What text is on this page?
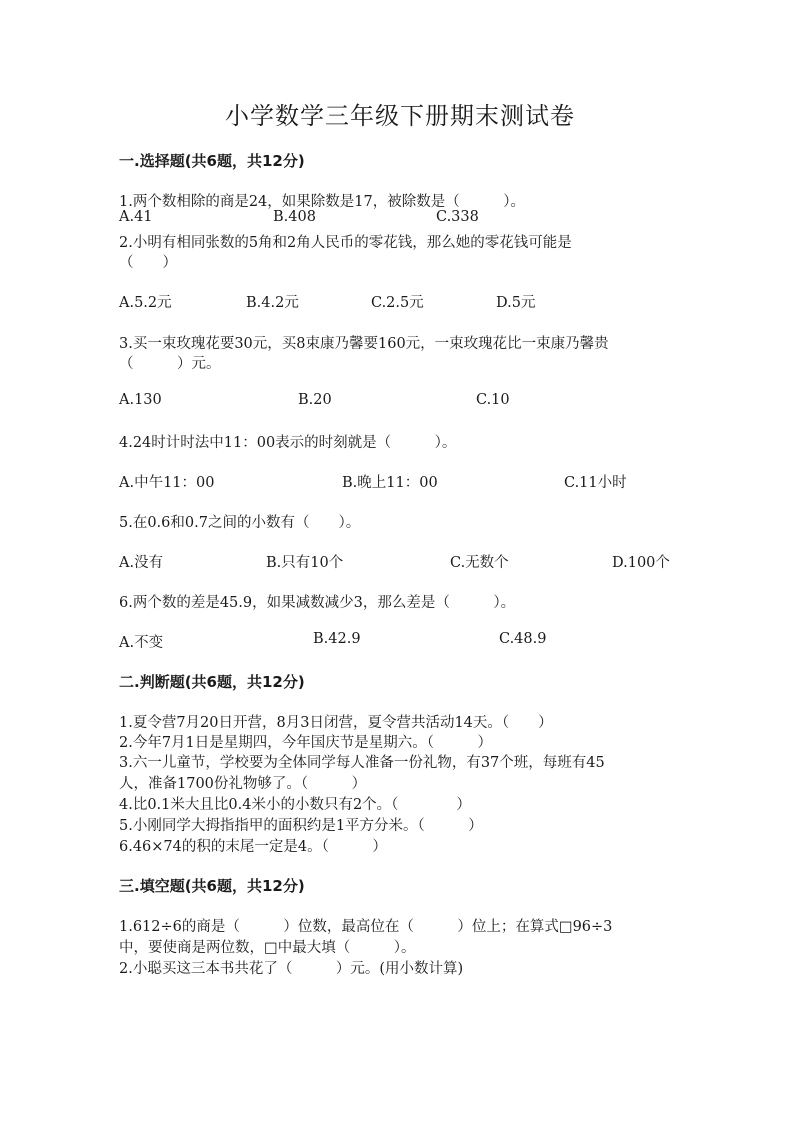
小学数学三年级下册期末测试卷
一.选择题(共6题，共12分)
1.两个数相除的商是24，如果除数是17，被除数是（　　　）。
A.41	B.408	C.338
2.小明有相同张数的5角和2角人民币的零花钱，那么她的零花钱可能是
（　　）
A.5.2元	B.4.2元	C.2.5元	D.5元
3.买一束玫瑰花要30元，买8束康乃馨要160元，一束玫瑰花比一束康乃馨贵
（　　　）元。
A.130	B.20	C.10
4.24时计时法中11：00表示的时刻就是（　　　）。
A.中午11：00	B.晚上11：00	C.11小时
5.在0.6和0.7之间的小数有（　　）。
A.没有	B.只有10个	C.无数个	D.100个
6.两个数的差是45.9，如果减数减少3，那么差是（　　　）。
A.不变	B.42.9	C.48.9
二.判断题(共6题，共12分)
1.夏令营7月20日开营，8月3日闭营，夏令营共活动14天。（　　）
2.今年7月1日是星期四，今年国庆节是星期六。（　　　）
3.六一儿童节，学校要为全体同学每人准备一份礼物，有37个班，每班有45
人，准备1700份礼物够了。（　　　）
4.比0.1米大且比0.4米小的小数只有2个。（　　　　）
5.小刚同学大拇指指甲的面积约是1平方分米。（　　　）
6.46×74的积的末尾一定是4。（　　　）
三.填空题(共6题，共12分)
1.612÷6的商是（　　　）位数，最高位在（　　　）位上；在算式□96÷3
中，要使商是两位数，□中最大填（　　　）。
2.小聪买这三本书共花了（　　　）元。(用小数计算)
